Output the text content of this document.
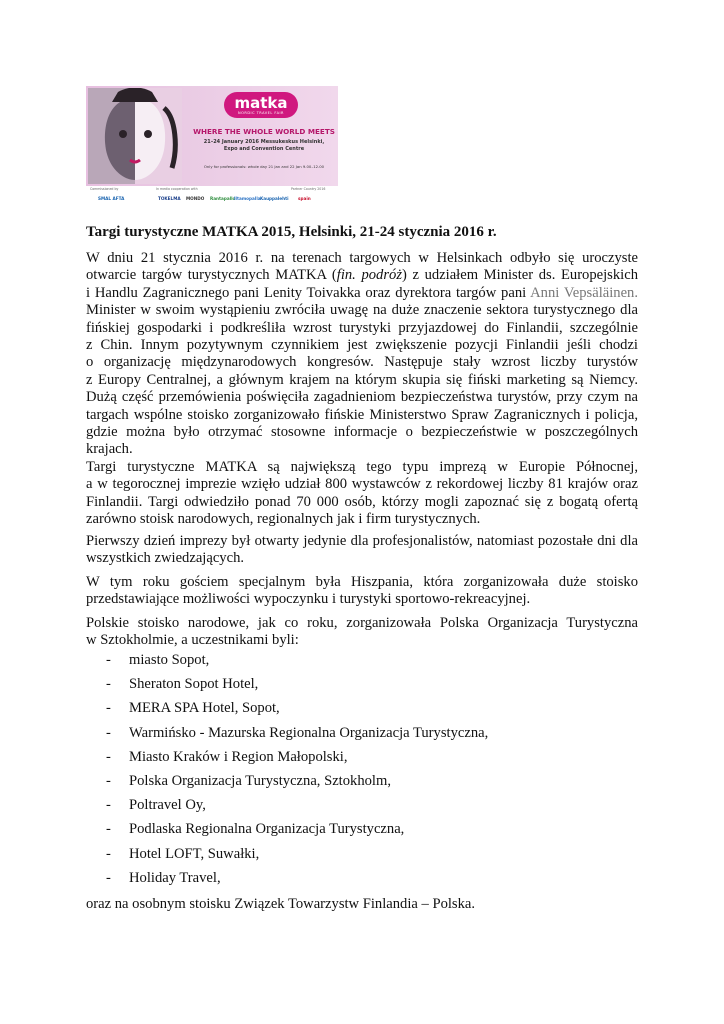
matka
NORDIC TRAVEL FAIR
WHERE THE WHOLE WORLD MEETS
21–24 January 2016 Messukeskus Helsinki,
Expo and Convention Centre
Only for professionals: whole day 21 Jan and 22 Jan 9.00–12.00
Commissioned by	In media cooperation with	Partner Country 2016
SMAL AFTA	TOKELMA MONDO Rantapallo
Iltamopalla Kauppalehti spain
Targi turystyczne MATKA 2015, Helsinki, 21-24 stycznia 2016 r.
W dniu 21 stycznia 2016 r. na terenach targowych w Helsinkach odbyło się uroczyste
otwarcie targów turystycznych MATKA (fin. podróż) z udziałem Minister ds. Europejskich
i Handlu Zagranicznego pani Lenity Toivakka oraz dyrektora targów pani Anni Vepsäläinen.
Minister w swoim wystąpieniu zwróciła uwagę na duże znaczenie sektora turystycznego dla
fińskiej gospodarki i podkreśliła wzrost turystyki przyjazdowej do Finlandii, szczególnie
z Chin. Innym pozytywnym czynnikiem jest zwiększenie pozycji Finlandii jeśli chodzi
o organizację międzynarodowych kongresów. Następuje stały wzrost liczby turystów
z Europy Centralnej, a głównym krajem na którym skupia się fiński marketing są Niemcy.
Dużą część przemówienia poświęciła zagadnieniom bezpieczeństwa turystów, przy czym na
targach wspólne stoisko zorganizowało fińskie Ministerstwo Spraw Zagranicznych i policja,
gdzie można było otrzymać stosowne informacje o bezpieczeństwie w poszczególnych
krajach.
Targi turystyczne MATKA są największą tego typu imprezą w Europie Północnej,
a w tegorocznej imprezie wzięło udział 800 wystawców z rekordowej liczby 81 krajów oraz
Finlandii. Targi odwiedziło ponad 70 000 osób, którzy mogli zapoznać się z bogatą ofertą
zarówno stoisk narodowych, regionalnych jak i firm turystycznych.
Pierwszy dzień imprezy był otwarty jedynie dla profesjonalistów, natomiast pozostałe dni dla
wszystkich zwiedzających.
W tym roku gościem specjalnym była Hiszpania, która zorganizowała duże stoisko
przedstawiające możliwości wypoczynku i turystyki sportowo-rekreacyjnej.
Polskie stoisko narodowe, jak co roku, zorganizowała Polska Organizacja Turystyczna
w Sztokholmie, a uczestnikami byli:
- miasto Sopot,
- Sheraton Sopot Hotel,
- MERA SPA Hotel, Sopot,
- Warmińsko - Mazurska Regionalna Organizacja Turystyczna,
- Miasto Kraków i Region Małopolski,
- Polska Organizacja Turystyczna, Sztokholm,
- Poltravel Oy,
- Podlaska Regionalna Organizacja Turystyczna,
- Hotel LOFT, Suwałki,
- Holiday Travel,
oraz na osobnym stoisku Związek Towarzystw Finlandia – Polska.
